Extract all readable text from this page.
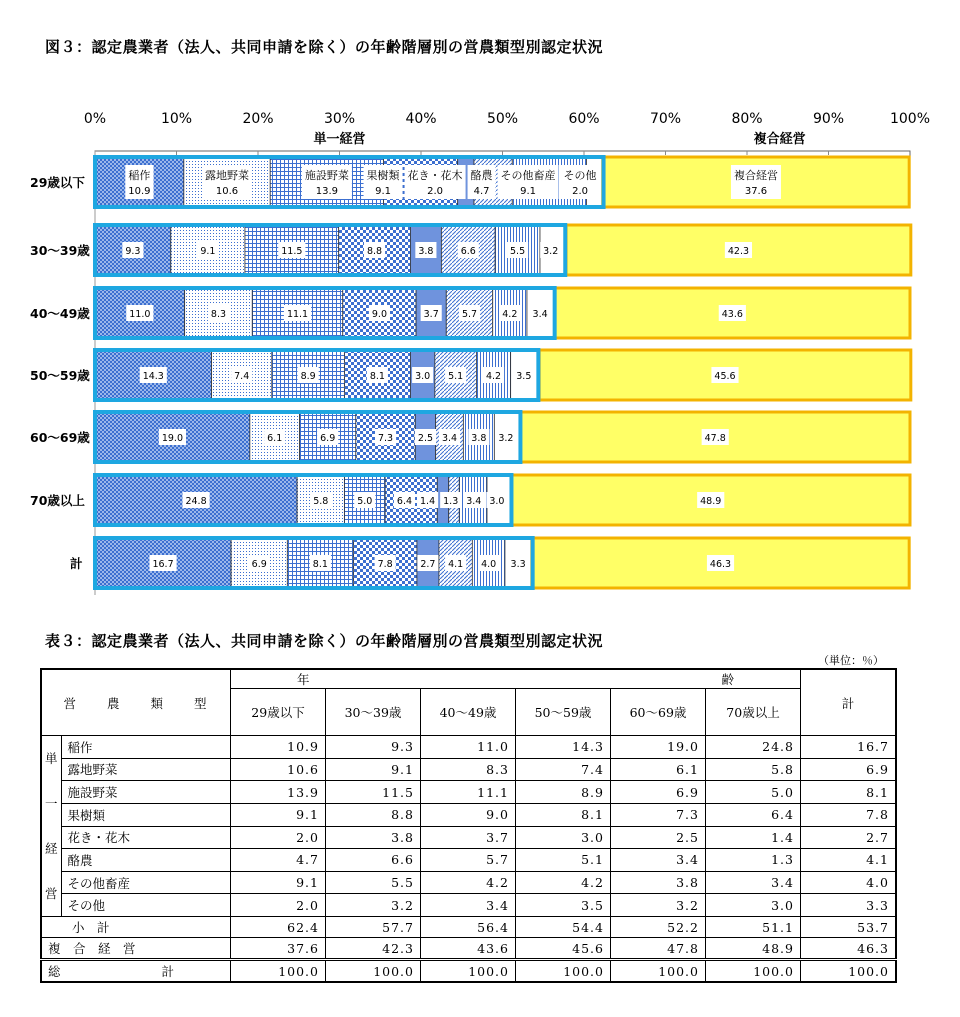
図３：認定農業者（法人、共同申請を除く）の年齢階層別の営農類型別認定状況
29歳以下	稲作
10.9
露地野菜
10.6
施設野菜
13.9
果樹類
9.1
花き・花木
2.0
酪農
4.7
その他畜産
9.1
その他
2.0
複合経営
37.6
30～39歳	9.3	9.1	11.5	8.8	3.8	6.6	5.5 3.2	42.3
40～49歳	11.0	8.3	11.1	9.0	3.7 5.7	4.2 3.4	43.6
50～59歳	14.3	7.4	8.9	8.1	3.0 5.1 4.2 3.5	45.6
60～69歳	19.0	6.1	6.9	7.3	2.5 3.4 3.8 3.2	47.8
70歳以上	24.8	5.8	5.0	6.4 1.4 1.3 3.4 3.0	48.9
計	16.7	6.9	8.1	7.8	2.7 4.1 4.0 3.3	46.3
0%	10%	20%	30%	40%	50%	60%	70%	80%	90%	100%
単一経営	複合経営
表３：認定農業者（法人、共同申請を除く）の年齢階層別の営農類型別認定状況
（単位：％）
営　　農　　類　　型		年 齢						計
		29歳以下	30～39歳	40～49歳	50～59歳	60～69歳	70歳以上	
単
一
経
営	稲作	10.9	9.3	11.0	14.3	19.0	24.8	16.7
	露地野菜	10.6	9.1	8.3	7.4	6.1	5.8	6.9
	施設野菜	13.9	11.5	11.1	8.9	6.9	5.0	8.1
	果樹類	9.1	8.8	9.0	8.1	7.3	6.4	7.8
	花き・花木	2.0	3.8	3.7	3.0	2.5	1.4	2.7
	酪農	4.7	6.6	5.7	5.1	3.4	1.3	4.1
	その他畜産	9.1	5.5	4.2	4.2	3.8	3.4	4.0
	その他	2.0	3.2	3.4	3.5	3.2	3.0	3.3
小　計		62.4	57.7	56.4	54.4	52.2	51.1	53.7
複　合　経　営		37.6	42.3	43.6	45.6	47.8	48.9	46.3
総 計		100.0	100.0	100.0	100.0	100.0	100.0	100.0
